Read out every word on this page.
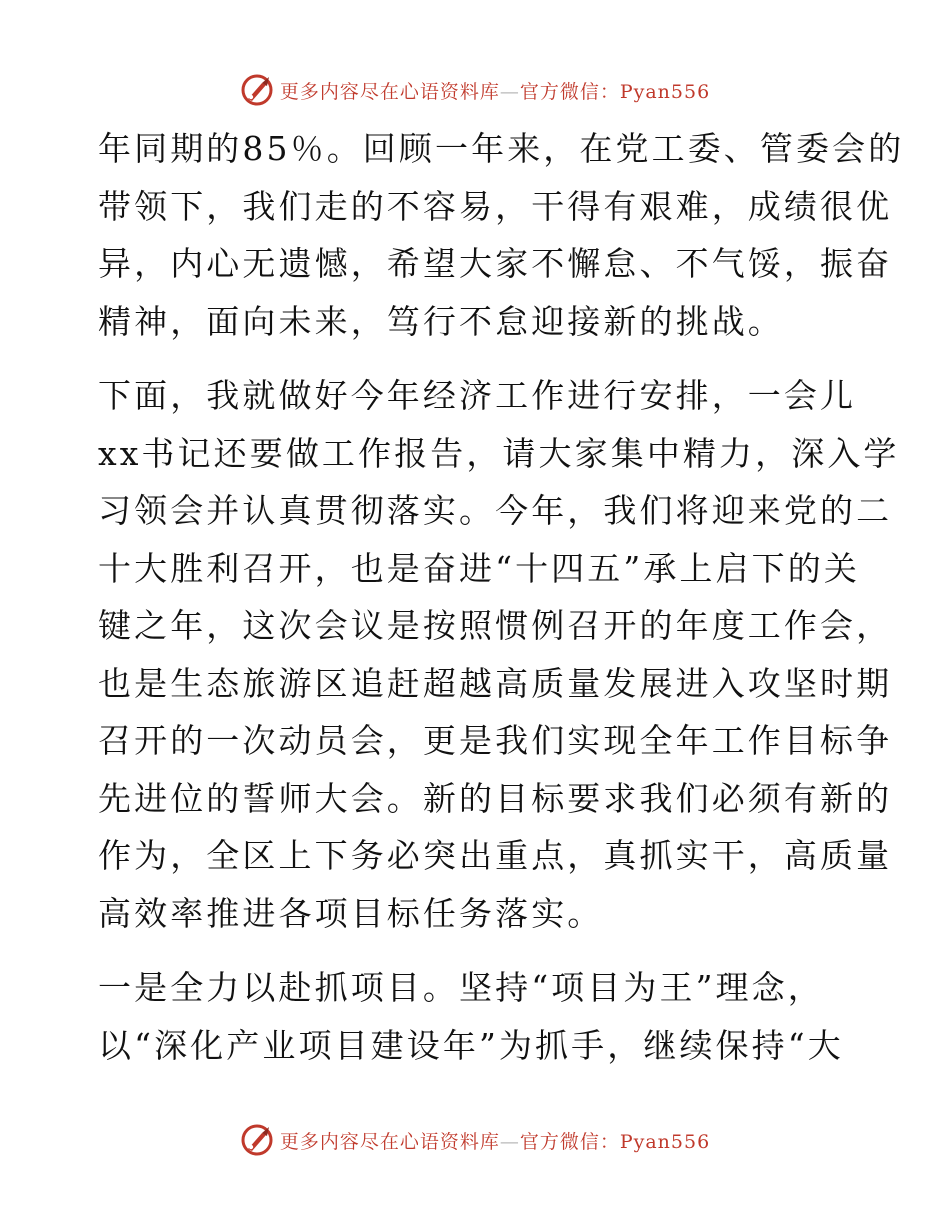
更多内容尽在心语资料库—官方微信：Pyan556

年同期的85％。回顾一年来，在党工委、管委会的
带领下，我们走的不容易，干得有艰难，成绩很优
异，内心无遗憾，希望大家不懈怠、不气馁，振奋
精神，面向未来，笃行不怠迎接新的挑战。

下面，我就做好今年经济工作进行安排，一会儿
xx书记还要做工作报告，请大家集中精力，深入学
习领会并认真贯彻落实。今年，我们将迎来党的二
十大胜利召开，也是奋进“十四五”承上启下的关
键之年，这次会议是按照惯例召开的年度工作会，
也是生态旅游区追赶超越高质量发展进入攻坚时期
召开的一次动员会，更是我们实现全年工作目标争
先进位的誓师大会。新的目标要求我们必须有新的
作为，全区上下务必突出重点，真抓实干，高质量
高效率推进各项目标任务落实。

一是全力以赴抓项目。坚持“项目为王”理念，
以“深化产业项目建设年”为抓手，继续保持“大

更多内容尽在心语资料库—官方微信：Pyan556
